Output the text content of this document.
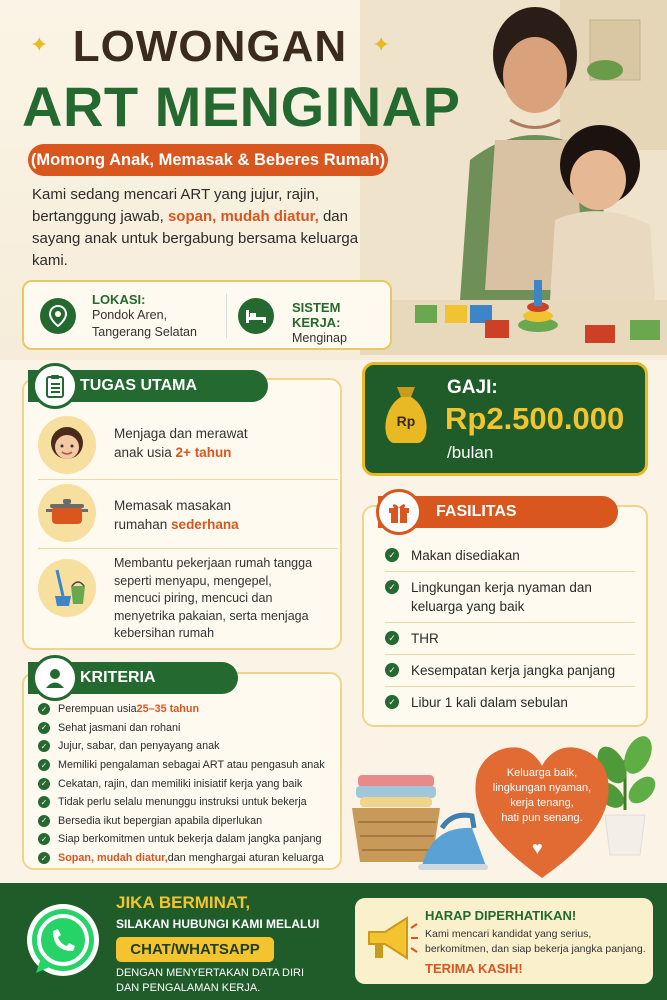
✦	✦
LOWONGAN
ART MENGINAP
(Momong Anak, Memasak & Beberes Rumah)

Kami sedang mencari ART yang jujur, rajin, bertanggung jawab, sopan, mudah diatur, dan sayang anak untuk bergabung bersama keluarga kami.

LOKASI:
Pondok Aren,
Tangerang Selatan
SISTEM KERJA:
Menginap
TUGAS UTAMA
Menjaga dan merawat
anak usia 2+ tahun
Memasak masakan
rumahan sederhana
Membantu pekerjaan rumah tangga
seperti menyapu, mengepel,
mencuci piring, mencuci dan
menyetrika pakaian, serta menjaga
kebersihan rumah
KRITERIA
✓ Perempuan usia 25–35 tahun
✓ Sehat jasmani dan rohani
✓ Jujur, sabar, dan penyayang anak
✓ Memiliki pengalaman sebagai ART atau pengasuh anak
✓ Cekatan, rajin, dan memiliki inisiatif kerja yang baik
✓ Tidak perlu selalu menunggu instruksi untuk bekerja
✓ Bersedia ikut bepergian apabila diperlukan
✓ Siap berkomitmen untuk bekerja dalam jangka panjang
✓ Sopan, mudah diatur, dan menghargai aturan keluarga
Rp
GAJI:
Rp2.500.000
/bulan
FASILITAS
✓ Makan disediakan
✓ Lingkungan kerja nyaman dan keluarga yang baik
✓ THR
✓ Kesempatan kerja jangka panjang
✓ Libur 1 kali dalam sebulan
Keluarga baik,
lingkungan nyaman,
kerja tenang,
hati pun senang.
♥
JIKA BERMINAT,
SILAKAN HUBUNGI KAMI MELALUI
CHAT/WHATSAPP
DENGAN MENYERTAKAN DATA DIRI
DAN PENGALAMAN KERJA.
HARAP DIPERHATIKAN!
Kami mencari kandidat yang serius,
berkomitmen, dan siap bekerja jangka panjang.
TERIMA KASIH!
